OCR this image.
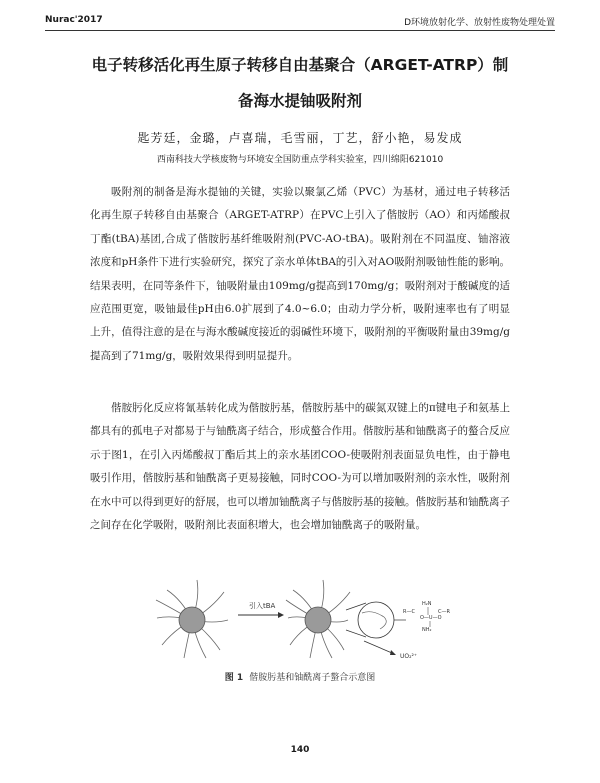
Nurac'2017	D环境放射化学、放射性废物处理处置
电子转移活化再生原子转移自由基聚合（ARGET-ATRP）制
备海水提铀吸附剂
匙芳廷，金璐，卢喜瑞，毛雪丽，丁艺，舒小艳，易发成
西南科技大学核废物与环境安全国防重点学科实验室，四川绵阳621010

吸附剂的制备是海水提铀的关键，实验以聚氯乙烯（PVC）为基材，通过电子转移活化再生原子转移自由基聚合（ARGET-ATRP）在PVC上引入了偕胺肟（AO）和丙烯酸叔丁酯(tBA)基团,合成了偕胺肟基纤维吸附剂(PVC-AO-tBA)。吸附剂在不同温度、铀溶液浓度和pH条件下进行实验研究，探究了亲水单体tBA的引入对AO吸附剂吸铀性能的影响。结果表明，在同等条件下，铀吸附量由109mg/g提高到170mg/g；吸附剂对于酸碱度的适应范围更宽，吸铀最佳pH由6.0扩展到了4.0~6.0；由动力学分析，吸附速率也有了明显上升，值得注意的是在与海水酸碱度接近的弱碱性环境下，吸附剂的平衡吸附量由39mg/g提高到了71mg/g，吸附效果得到明显提升。

偕胺肟化反应将氰基转化成为偕胺肟基，偕胺肟基中的碳氮双键上的π键电子和氨基上都具有的孤电子对都易于与铀酰离子结合，形成螯合作用。偕胺肟基和铀酰离子的螯合反应示于图1，在引入丙烯酸叔丁酯后其上的亲水基团COO-使吸附剂表面显负电性，由于静电吸引作用，偕胺肟基和铀酰离子更易接触，同时COO-为可以增加吸附剂的亲水性，吸附剂在水中可以得到更好的舒展，也可以增加铀酰离子与偕胺肟基的接触。偕胺肟基和铀酰离子之间存在化学吸附，吸附剂比表面积增大，也会增加铀酰离子的吸附量。

引入tBA
R—C
H₂N
O—U—O
NH₂
C—R
UO₂²⁺
图 1 偕胺肟基和铀酰离子螯合示意图
140
